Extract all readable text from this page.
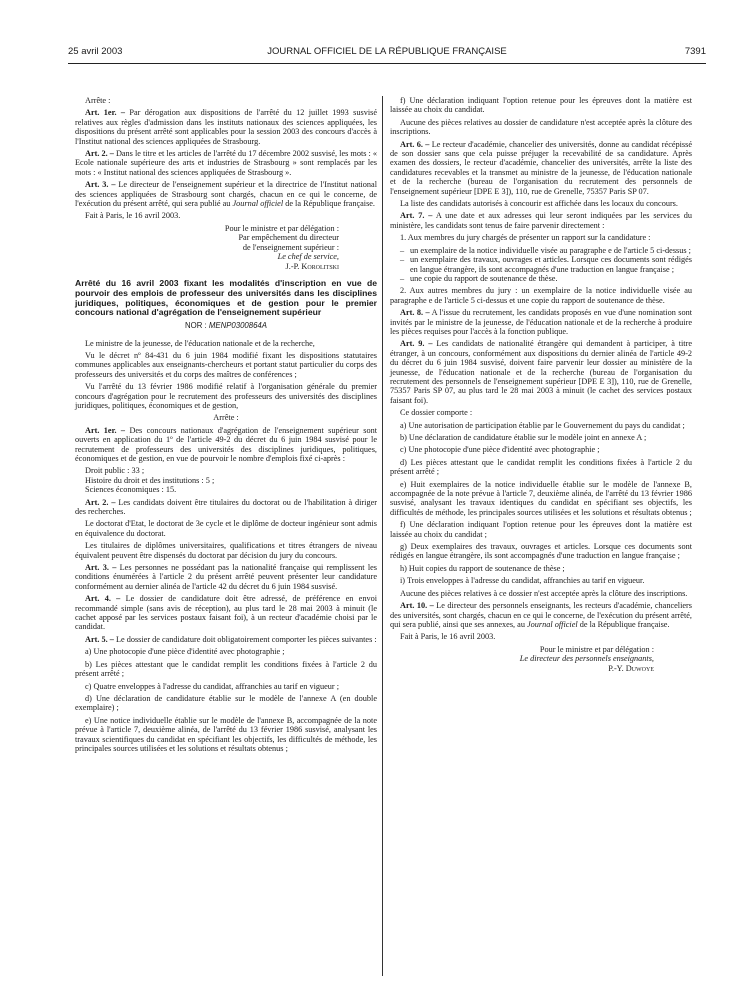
25 avril 2003	JOURNAL OFFICIEL DE LA RÉPUBLIQUE FRANÇAISE	7391

Arrête :

Art. 1er. – Par dérogation aux dispositions de l'arrêté du 12 juillet 1993 susvisé relatives aux règles d'admission dans les instituts nationaux des sciences appliquées, les dispositions du présent arrêté sont applicables pour la session 2003 des concours d'accès à l'Institut national des sciences appliquées de Strasbourg.

Art. 2. – Dans le titre et les articles de l'arrêté du 17 décembre 2002 susvisé, les mots : « Ecole nationale supérieure des arts et industries de Strasbourg » sont remplacés par les mots : « Institut national des sciences appliquées de Strasbourg ».

Art. 3. – Le directeur de l'enseignement supérieur et la directrice de l'Institut national des sciences appliquées de Strasbourg sont chargés, chacun en ce qui le concerne, de l'exécution du présent arrêté, qui sera publié au Journal officiel de la République française.

Fait à Paris, le 16 avril 2003.

Pour le ministre et par délégation :

Par empêchement du directeur

de l'enseignement supérieur :

Le chef de service,

J.-P. Korolitski

Arrêté du 16 avril 2003 fixant les modalités d'inscription en vue de pourvoir des emplois de professeur des universités dans les disciplines juridiques, politiques, économiques et de gestion pour le premier concours national d'agrégation de l'enseignement supérieur

NOR : MENP0300864A

Le ministre de la jeunesse, de l'éducation nationale et de la recherche,

Vu le décret nº 84-431 du 6 juin 1984 modifié fixant les dispositions statutaires communes applicables aux enseignants-chercheurs et portant statut particulier du corps des professeurs des universités et du corps des maîtres de conférences ;

Vu l'arrêté du 13 février 1986 modifié relatif à l'organisation générale du premier concours d'agrégation pour le recrutement des professeurs des universités des disciplines juridiques, politiques, économiques et de gestion,

Arrête :

Art. 1er. – Des concours nationaux d'agrégation de l'enseignement supérieur sont ouverts en application du 1º de l'article 49-2 du décret du 6 juin 1984 susvisé pour le recrutement de professeurs des universités des disciplines juridiques, politiques, économiques et de gestion, en vue de pourvoir le nombre d'emplois fixé ci-après :

Droit public : 33 ;

Histoire du droit et des institutions : 5 ;

Sciences économiques : 15.

Art. 2. – Les candidats doivent être titulaires du doctorat ou de l'habilitation à diriger des recherches.

Le doctorat d'Etat, le doctorat de 3e cycle et le diplôme de docteur ingénieur sont admis en équivalence du doctorat.

Les titulaires de diplômes universitaires, qualifications et titres étrangers de niveau équivalent peuvent être dispensés du doctorat par décision du jury du concours.

Art. 3. – Les personnes ne possédant pas la nationalité française qui remplissent les conditions énumérées à l'article 2 du présent arrêté peuvent présenter leur candidature conformément au dernier alinéa de l'article 42 du décret du 6 juin 1984 susvisé.

Art. 4. – Le dossier de candidature doit être adressé, de préférence en envoi recommandé simple (sans avis de réception), au plus tard le 28 mai 2003 à minuit (le cachet apposé par les services postaux faisant foi), à un recteur d'académie choisi par le candidat.

Art. 5. – Le dossier de candidature doit obligatoirement comporter les pièces suivantes :

a) Une photocopie d'une pièce d'identité avec photographie ;

b) Les pièces attestant que le candidat remplit les conditions fixées à l'article 2 du présent arrêté ;

c) Quatre enveloppes à l'adresse du candidat, affranchies au tarif en vigueur ;

d) Une déclaration de candidature établie sur le modèle de l'annexe A (en double exemplaire) ;

e) Une notice individuelle établie sur le modèle de l'annexe B, accompagnée de la note prévue à l'article 7, deuxième alinéa, de l'arrêté du 13 février 1986 susvisé, analysant les travaux scientifiques du candidat en spécifiant les objectifs, les difficultés de méthode, les principales sources utilisées et les solutions et résultats obtenus ;

f) Une déclaration indiquant l'option retenue pour les épreuves dont la matière est laissée au choix du candidat.

Aucune des pièces relatives au dossier de candidature n'est acceptée après la clôture des inscriptions.

Art. 6. – Le recteur d'académie, chancelier des universités, donne au candidat récépissé de son dossier sans que cela puisse préjuger la recevabilité de sa candidature. Après examen des dossiers, le recteur d'académie, chancelier des universités, arrête la liste des candidatures recevables et la transmet au ministre de la jeunesse, de l'éducation nationale et de la recherche (bureau de l'organisation du recrutement des personnels de l'enseignement supérieur [DPE E 3]), 110, rue de Grenelle, 75357 Paris SP 07.

La liste des candidats autorisés à concourir est affichée dans les locaux du concours.

Art. 7. – A une date et aux adresses qui leur seront indiquées par les services du ministère, les candidats sont tenus de faire parvenir directement :

1. Aux membres du jury chargés de présenter un rapport sur la candidature :

– un exemplaire de la notice individuelle visée au paragraphe e de l'article 5 ci-dessus ;

– un exemplaire des travaux, ouvrages et articles. Lorsque ces documents sont rédigés en langue étrangère, ils sont accompagnés d'une traduction en langue française ;

– une copie du rapport de soutenance de thèse.

2. Aux autres membres du jury : un exemplaire de la notice individuelle visée au paragraphe e de l'article 5 ci-dessus et une copie du rapport de soutenance de thèse.

Art. 8. – A l'issue du recrutement, les candidats proposés en vue d'une nomination sont invités par le ministre de la jeunesse, de l'éducation nationale et de la recherche à produire les pièces requises pour l'accès à la fonction publique.

Art. 9. – Les candidats de nationalité étrangère qui demandent à participer, à titre étranger, à un concours, conformément aux dispositions du dernier alinéa de l'article 49-2 du décret du 6 juin 1984 susvisé, doivent faire parvenir leur dossier au ministère de la jeunesse, de l'éducation nationale et de la recherche (bureau de l'organisation du recrutement des personnels de l'enseignement supérieur [DPE E 3]), 110, rue de Grenelle, 75357 Paris SP 07, au plus tard le 28 mai 2003 à minuit (le cachet des services postaux faisant foi).

Ce dossier comporte :

a) Une autorisation de participation établie par le Gouvernement du pays du candidat ;

b) Une déclaration de candidature établie sur le modèle joint en annexe A ;

c) Une photocopie d'une pièce d'identité avec photographie ;

d) Les pièces attestant que le candidat remplit les conditions fixées à l'article 2 du présent arrêté ;

e) Huit exemplaires de la notice individuelle établie sur le modèle de l'annexe B, accompagnée de la note prévue à l'article 7, deuxième alinéa, de l'arrêté du 13 février 1986 susvisé, analysant les travaux identiques du candidat en spécifiant ses objectifs, les difficultés de méthode, les principales sources utilisées et les solutions et résultats obtenus ;

f) Une déclaration indiquant l'option retenue pour les épreuves dont la matière est laissée au choix du candidat ;

g) Deux exemplaires des travaux, ouvrages et articles. Lorsque ces documents sont rédigés en langue étrangère, ils sont accompagnés d'une traduction en langue française ;

h) Huit copies du rapport de soutenance de thèse ;

i) Trois enveloppes à l'adresse du candidat, affranchies au tarif en vigueur.

Aucune des pièces relatives à ce dossier n'est acceptée après la clôture des inscriptions.

Art. 10. – Le directeur des personnels enseignants, les recteurs d'académie, chanceliers des universités, sont chargés, chacun en ce qui le concerne, de l'exécution du présent arrêté, qui sera publié, ainsi que ses annexes, au Journal officiel de la République française.

Fait à Paris, le 16 avril 2003.

Pour le ministre et par délégation :

Le directeur des personnels enseignants,

P.-Y. Duwoye
